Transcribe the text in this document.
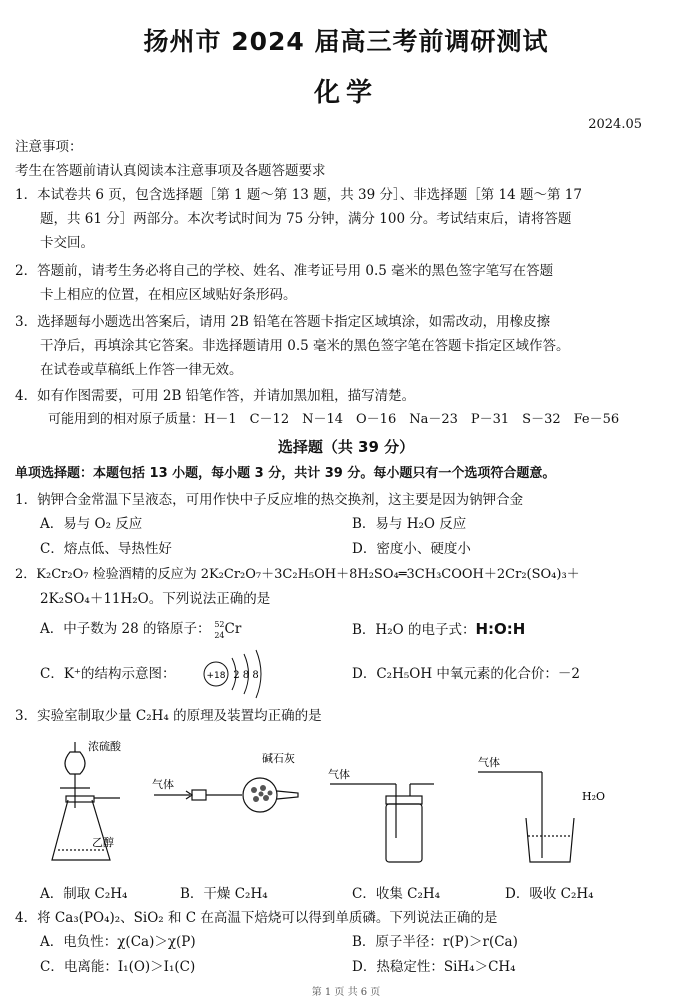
扬州市 2024 届高三考前调研测试
化学
2024.05
注意事项：
考生在答题前请认真阅读本注意事项及各题答题要求
1．本试卷共 6 页，包含选择题［第 1 题～第 13 题，共 39 分］、非选择题［第 14 题～第 17
题，共 61 分］两部分。本次考试时间为 75 分钟，满分 100 分。考试结束后，请将答题
卡交回。
2．答题前，请考生务必将自己的学校、姓名、准考证号用 0.5 毫米的黑色签字笔写在答题
卡上相应的位置，在相应区域贴好条形码。
3．选择题每小题选出答案后，请用 2B 铅笔在答题卡指定区域填涂，如需改动，用橡皮擦
干净后，再填涂其它答案。非选择题请用 0.5 毫米的黑色签字笔在答题卡指定区域作答。
在试卷或草稿纸上作答一律无效。
4．如有作图需要，可用 2B 铅笔作答，并请加黑加粗，描写清楚。
可能用到的相对原子质量：H－1　C－12　N－14　O－16　Na－23　P－31　S－32　Fe－56
选择题（共 39 分）
单项选择题：本题包括 13 小题，每小题 3 分，共计 39 分。每小题只有一个选项符合题意。
1．钠钾合金常温下呈液态，可用作快中子反应堆的热交换剂，这主要是因为钠钾合金
A．易与 O₂ 反应	B．易与 H₂O 反应
C．熔点低、导热性好	D．密度小、硬度小
2．K₂Cr₂O₇ 检验酒精的反应为 2K₂Cr₂O₇＋3C₂H₅OH＋8H₂SO₄═3CH₃COOH＋2Cr₂(SO₄)₃＋
2K₂SO₄＋11H₂O。下列说法正确的是
A．中子数为 28 的铬原子： 52
24 Cr	B．H₂O 的电子式：H:O:H
C．K⁺的结构示意图：	+18 2 8 8	D．C₂H₅OH 中氧元素的化合价：－2
3．实验室制取少量 C₂H₄ 的原理及装置均正确的是
浓硫酸
乙醇
气体
碱石灰
气体
气体
H₂O
A．制取 C₂H₄	B．干燥 C₂H₄	C．收集 C₂H₄	D．吸收 C₂H₄
4．将 Ca₃(PO₄)₂、SiO₂ 和 C 在高温下焙烧可以得到单质磷。下列说法正确的是
A．电负性：χ(Ca)＞χ(P)	B．原子半径：r(P)＞r(Ca)
C．电离能：I₁(O)＞I₁(C)	D．热稳定性：SiH₄＞CH₄
第 1 页 共 6 页
